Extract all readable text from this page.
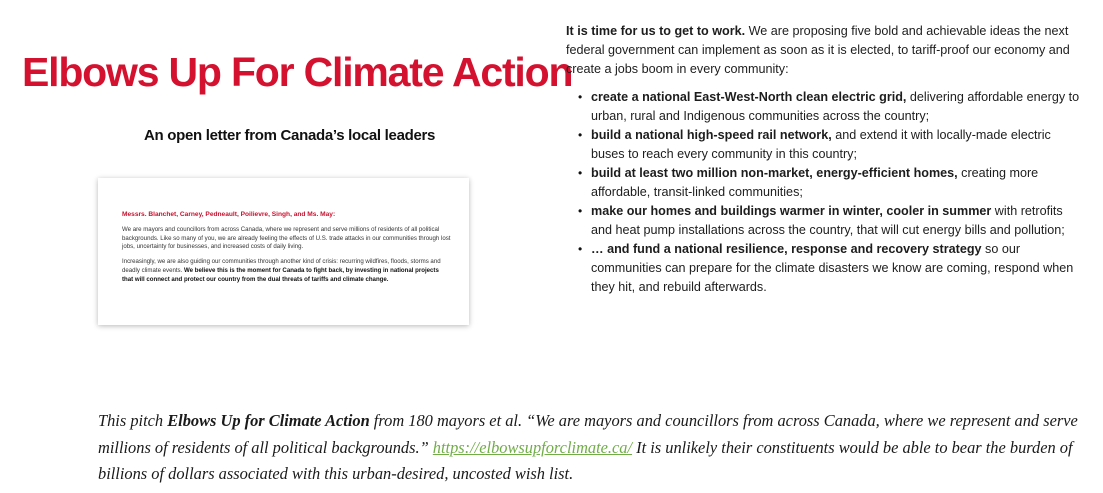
Elbows Up For Climate Action
An open letter from Canada’s local leaders

Messrs. Blanchet, Carney, Pedneault, Poilievre, Singh, and Ms. May:

We are mayors and councillors from across Canada, where we represent and serve millions of residents of all political backgrounds. Like so many of you, we are already feeling the effects of U.S. trade attacks in our communities through lost jobs, uncertainty for businesses, and increased costs of daily living.

Increasingly, we are also guiding our communities through another kind of crisis: recurring wildfires, floods, storms and deadly climate events. We believe this is the moment for Canada to fight back, by investing in national projects that will connect and protect our country from the dual threats of tariffs and climate change.

It is time for us to get to work. We are proposing five bold and achievable ideas the next federal government can implement as soon as it is elected, to tariff-proof our economy and create a jobs boom in every community:

• create a national East-West-North clean electric grid, delivering affordable energy to urban, rural and Indigenous communities across the country;
• build a national high-speed rail network, and extend it with locally-made electric buses to reach every community in this country;
• build at least two million non-market, energy-efficient homes, creating more affordable, transit-linked communities;
• make our homes and buildings warmer in winter, cooler in summer with retrofits and heat pump installations across the country, that will cut energy bills and pollution;
• … and fund a national resilience, response and recovery strategy so our communities can prepare for the climate disasters we know are coming, respond when they hit, and rebuild afterwards.

This pitch Elbows Up for Climate Action from 180 mayors et al. “We are mayors and councillors from across Canada, where we represent and serve millions of residents of all political backgrounds.” https://elbowsupforclimate.ca/ It is unlikely their constituents would be able to bear the burden of billions of dollars associated with this urban-desired, uncosted wish list.
